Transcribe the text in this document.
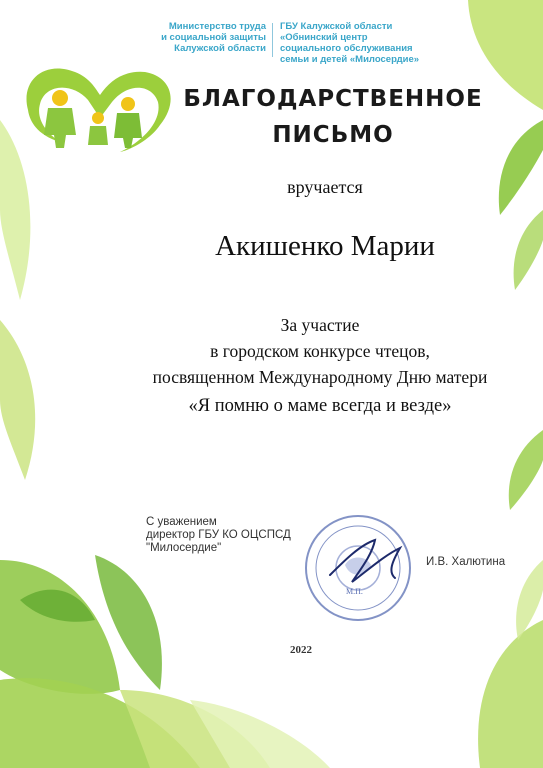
Министерство труда
и социальной защиты
Калужской области
ГБУ Калужской области
«Обнинский центр
социального обслуживания
семьи и детей «Милосердие»
БЛАГОДАРСТВЕННОЕ
ПИСЬМО
вручается
Акишенко Марии
За участие
в городском конкурсе чтецов,
посвященном Международному Дню матери
«Я помню о маме всегда и везде»
С уважением
директор ГБУ КО ОЦСПСД
"Милосердие"
М.П.
И.В. Халютина
2022
